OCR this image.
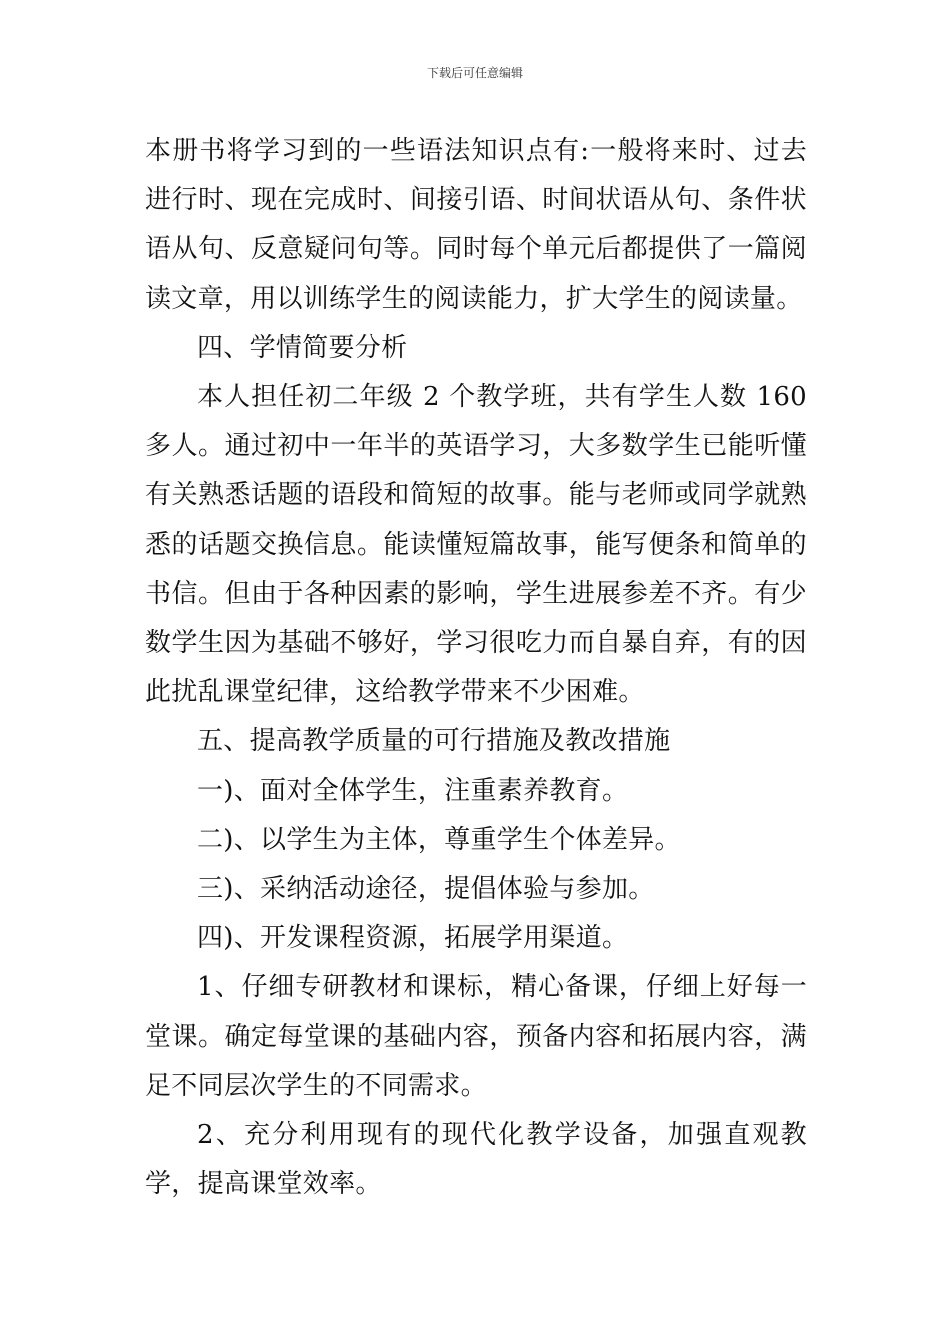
下载后可任意编辑

本册书将学习到的一些语法知识点有:一般将来时、过去进行时、现在完成时、间接引语、时间状语从句、条件状语从句、反意疑问句等。同时每个单元后都提供了一篇阅读文章，用以训练学生的阅读能力，扩大学生的阅读量。

四、学情简要分析

本人担任初二年级 2 个教学班，共有学生人数 160 多人。通过初中一年半的英语学习，大多数学生已能听懂有关熟悉话题的语段和简短的故事。能与老师或同学就熟悉的话题交换信息。能读懂短篇故事，能写便条和简单的书信。但由于各种因素的影响，学生进展参差不齐。有少数学生因为基础不够好，学习很吃力而自暴自弃，有的因此扰乱课堂纪律，这给教学带来不少困难。

五、提高教学质量的可行措施及教改措施

一)、面对全体学生，注重素养教育。

二)、以学生为主体，尊重学生个体差异。

三)、采纳活动途径，提倡体验与参加。

四)、开发课程资源，拓展学用渠道。

1、仔细专研教材和课标，精心备课，仔细上好每一堂课。确定每堂课的基础内容，预备内容和拓展内容，满足不同层次学生的不同需求。

2、充分利用现有的现代化教学设备，加强直观教学，提高课堂效率。
